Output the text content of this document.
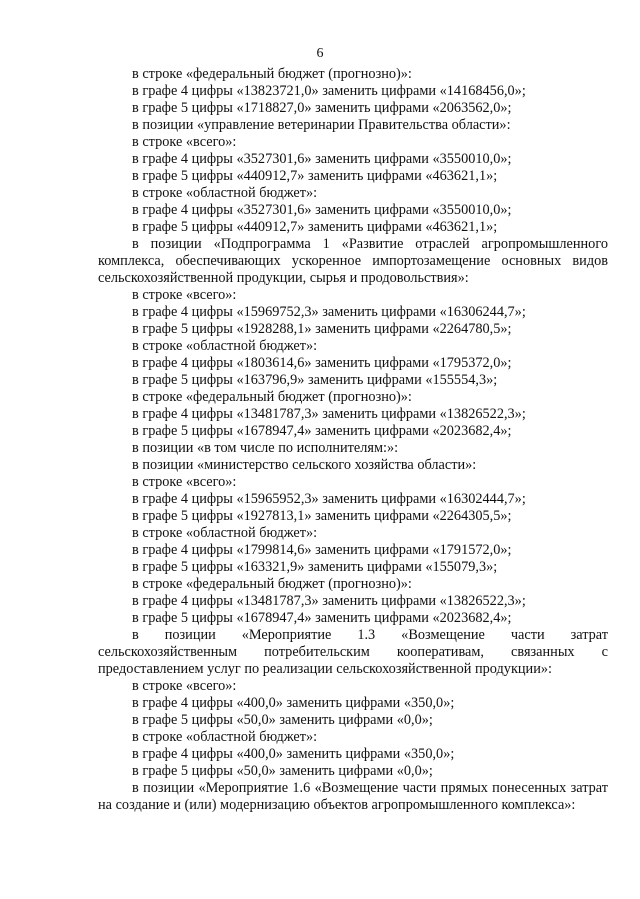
6

в строке «федеральный бюджет (прогнозно)»:

в графе 4 цифры «13823721,0» заменить цифрами «14168456,0»;

в графе 5 цифры «1718827,0» заменить цифрами «2063562,0»;

в позиции «управление ветеринарии Правительства области»:

в строке «всего»:

в графе 4 цифры «3527301,6» заменить цифрами «3550010,0»;

в графе 5 цифры «440912,7» заменить цифрами «463621,1»;

в строке «областной бюджет»:

в графе 4 цифры «3527301,6» заменить цифрами «3550010,0»;

в графе 5 цифры «440912,7» заменить цифрами «463621,1»;

в позиции «Подпрограмма 1 «Развитие отраслей агропромышленного комплекса, обеспечивающих ускоренное импортозамещение основных видов сельскохозяйственной продукции, сырья и продовольствия»:

в строке «всего»:

в графе 4 цифры «15969752,3» заменить цифрами «16306244,7»;

в графе 5 цифры «1928288,1» заменить цифрами «2264780,5»;

в строке «областной бюджет»:

в графе 4 цифры «1803614,6» заменить цифрами «1795372,0»;

в графе 5 цифры «163796,9» заменить цифрами «155554,3»;

в строке «федеральный бюджет (прогнозно)»:

в графе 4 цифры «13481787,3» заменить цифрами «13826522,3»;

в графе 5 цифры «1678947,4» заменить цифрами «2023682,4»;

в позиции «в том числе по исполнителям:»:

в позиции «министерство сельского хозяйства области»:

в строке «всего»:

в графе 4 цифры «15965952,3» заменить цифрами «16302444,7»;

в графе 5 цифры «1927813,1» заменить цифрами «2264305,5»;

в строке «областной бюджет»:

в графе 4 цифры «1799814,6» заменить цифрами «1791572,0»;

в графе 5 цифры «163321,9» заменить цифрами «155079,3»;

в строке «федеральный бюджет (прогнозно)»:

в графе 4 цифры «13481787,3» заменить цифрами «13826522,3»;

в графе 5 цифры «1678947,4» заменить цифрами «2023682,4»;

в позиции «Мероприятие 1.3 «Возмещение части затрат сельскохозяйственным потребительским кооперативам, связанных с предоставлением услуг по реализации сельскохозяйственной продукции»:

в строке «всего»:

в графе 4 цифры «400,0» заменить цифрами «350,0»;

в графе 5 цифры «50,0» заменить цифрами «0,0»;

в строке «областной бюджет»:

в графе 4 цифры «400,0» заменить цифрами «350,0»;

в графе 5 цифры «50,0» заменить цифрами «0,0»;

в позиции «Мероприятие 1.6 «Возмещение части прямых понесенных затрат на создание и (или) модернизацию объектов агропромышленного комплекса»:
